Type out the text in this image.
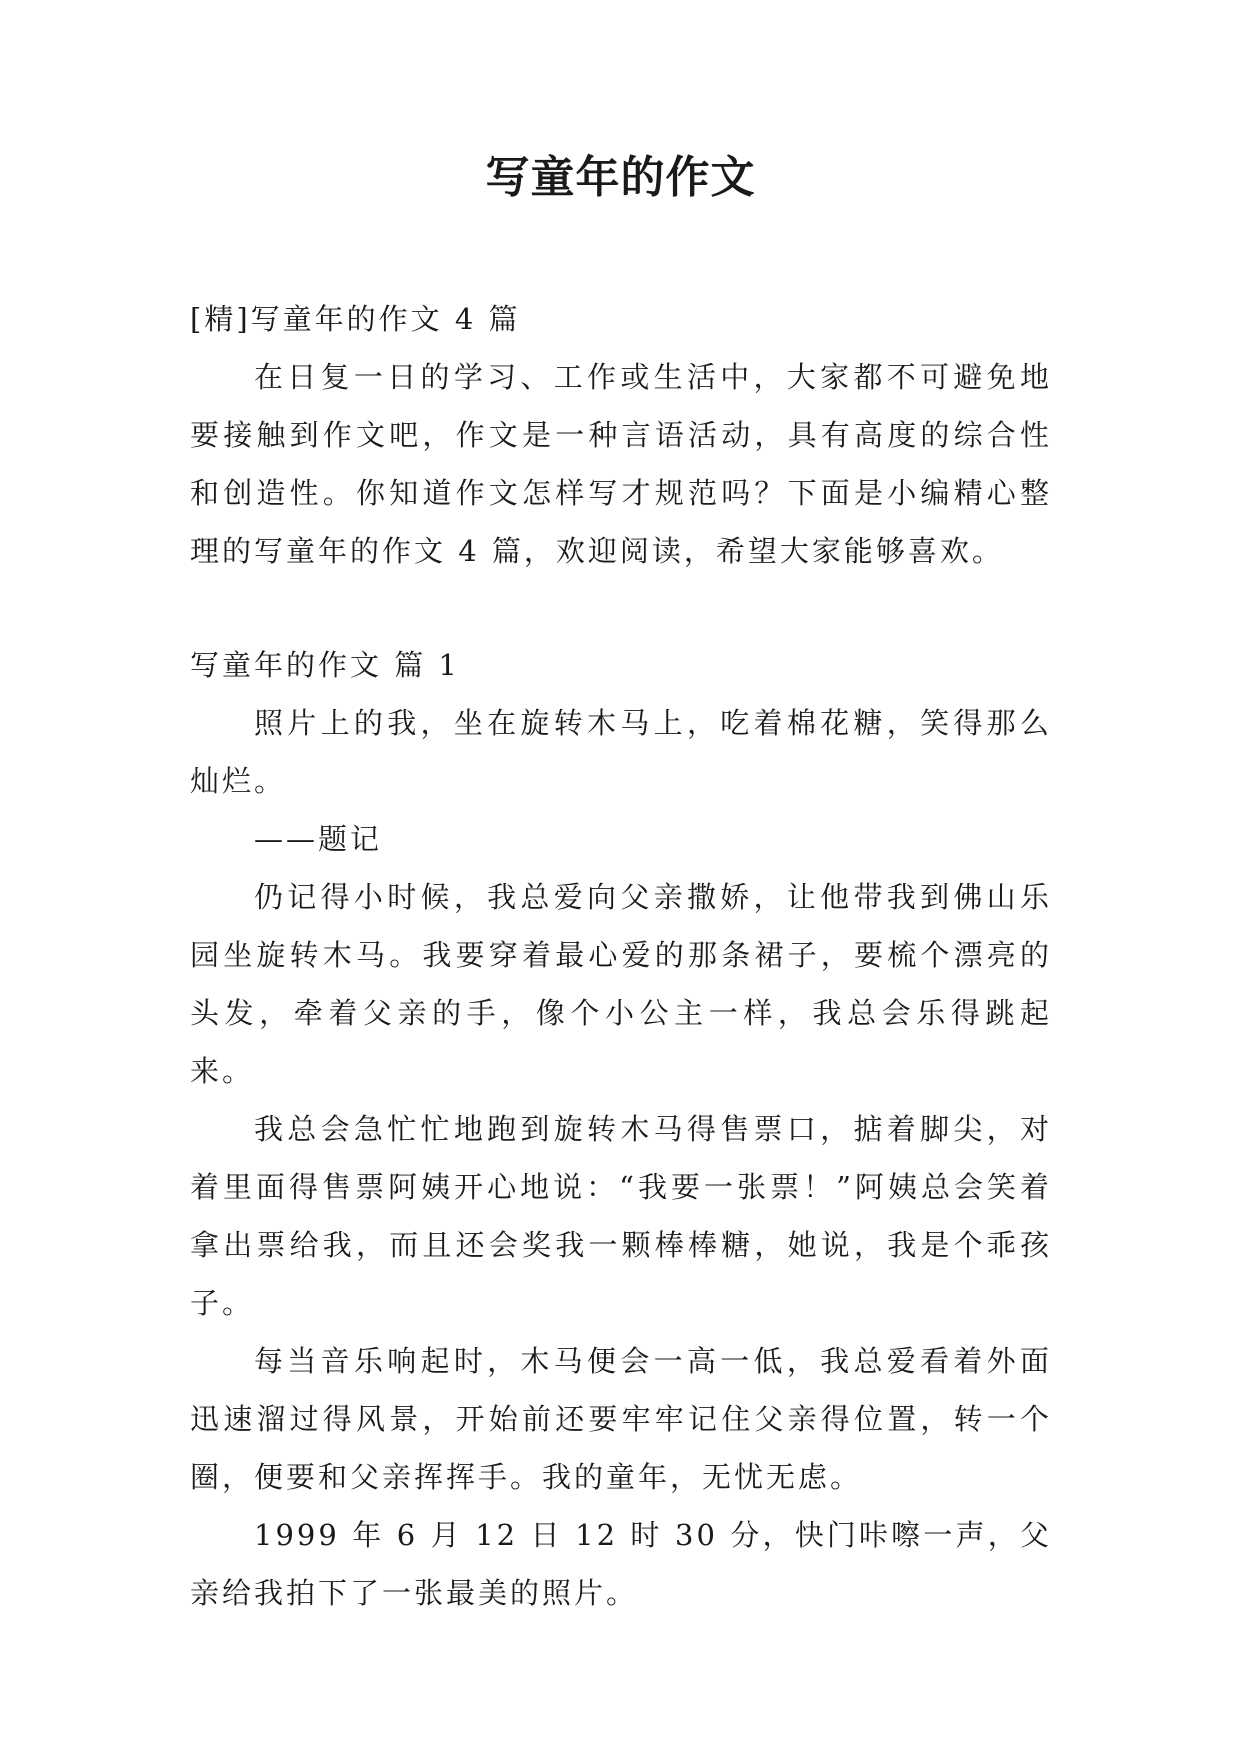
写童年的作文

[精]写童年的作文 4 篇

在日复一日的学习、工作或生活中，大家都不可避免地要接触到作文吧，作文是一种言语活动，具有高度的综合性和创造性。你知道作文怎样写才规范吗？下面是小编精心整理的写童年的作文 4 篇，欢迎阅读，希望大家能够喜欢。

写童年的作文 篇 1

照片上的我，坐在旋转木马上，吃着棉花糖，笑得那么灿烂。

——题记

仍记得小时候，我总爱向父亲撒娇，让他带我到佛山乐园坐旋转木马。我要穿着最心爱的那条裙子，要梳个漂亮的头发，牵着父亲的手，像个小公主一样，我总会乐得跳起来。

我总会急忙忙地跑到旋转木马得售票口，掂着脚尖，对着里面得售票阿姨开心地说：“我要一张票！”阿姨总会笑着拿出票给我，而且还会奖我一颗棒棒糖，她说，我是个乖孩子。

每当音乐响起时，木马便会一高一低，我总爱看着外面迅速溜过得风景，开始前还要牢牢记住父亲得位置，转一个圈，便要和父亲挥挥手。我的童年，无忧无虑。

1999 年 6 月 12 日 12 时 30 分，快门咔嚓一声，父亲给我拍下了一张最美的照片。
